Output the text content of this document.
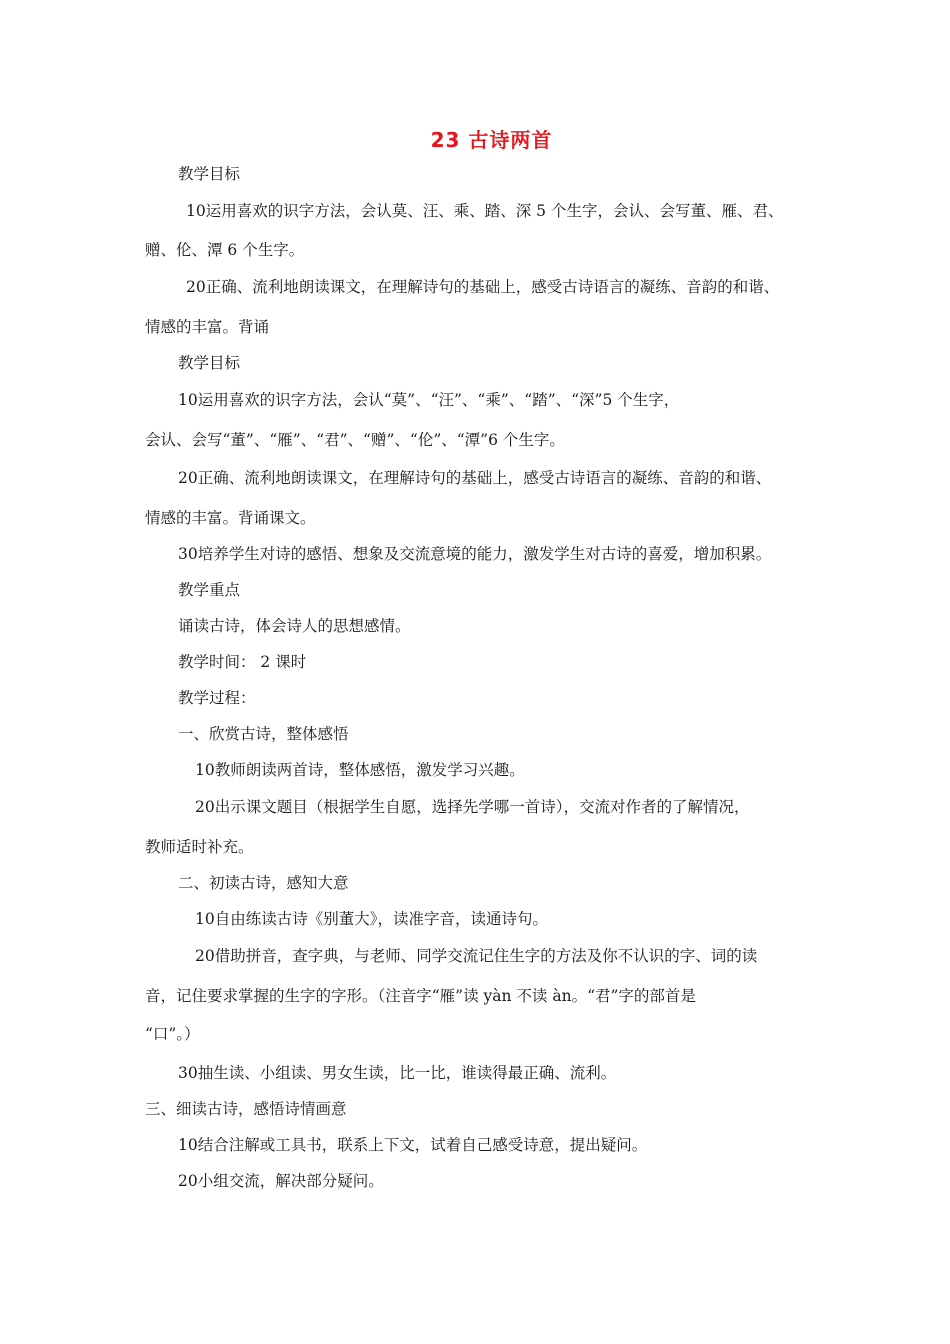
23 古诗两首
教学目标
10运用喜欢的识字方法，会认莫、汪、乘、踏、深 5 个生字，会认、会写董、雁、君、
赠、伦、潭 6 个生字。
20正确、流利地朗读课文，在理解诗句的基础上，感受古诗语言的凝练、音韵的和谐、
情感的丰富。背诵
教学目标
10运用喜欢的识字方法，会认“莫”、“汪”、“乘”、“踏”、“深”5 个生字，
会认、会写“董”、“雁”、“君”、“赠”、“伦”、“潭”6 个生字。
20正确、流利地朗读课文，在理解诗句的基础上，感受古诗语言的凝练、音韵的和谐、
情感的丰富。背诵课文。
30培养学生对诗的感悟、想象及交流意境的能力，激发学生对古诗的喜爱，增加积累。
教学重点
诵读古诗，体会诗人的思想感情。
教学时间： 2 课时
教学过程：
一、欣赏古诗，整体感悟
10教师朗读两首诗，整体感悟，激发学习兴趣。
20出示课文题目（根据学生自愿，选择先学哪一首诗），交流对作者的了解情况，
教师适时补充。
二、初读古诗，感知大意
10自由练读古诗《别董大》，读准字音，读通诗句。
20借助拼音，查字典，与老师、同学交流记住生字的方法及你不认识的字、词的读
音，记住要求掌握的生字的字形。（注音字“雁”读 yàn 不读 àn。“君”字的部首是
“口”。）
30抽生读、小组读、男女生读，比一比，谁读得最正确、流利。
三、细读古诗，感悟诗情画意
10结合注解或工具书，联系上下文，试着自己感受诗意，提出疑问。
20小组交流，解决部分疑问。
